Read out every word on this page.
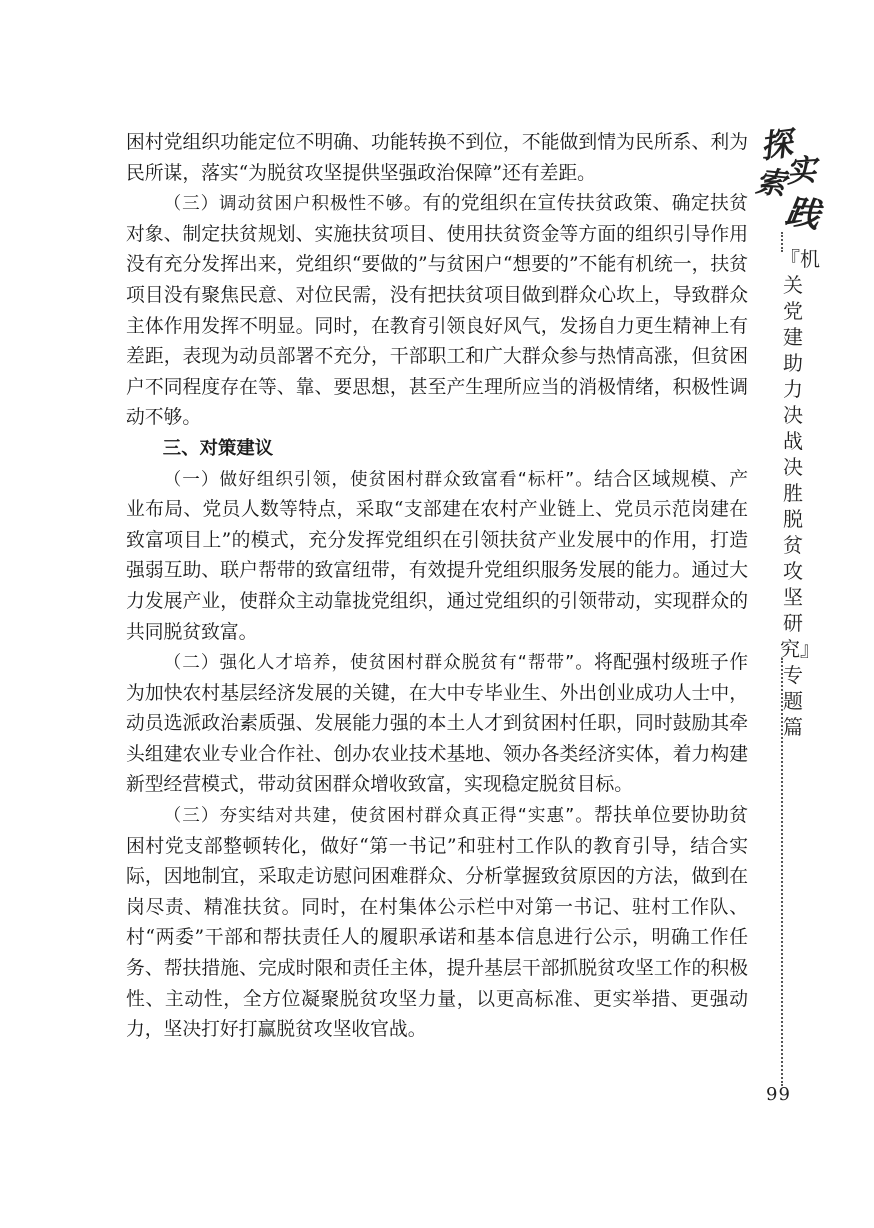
困村党组织功能定位不明确、功能转换不到位，不能做到情为民所系、利为民所谋，落实“为脱贫攻坚提供坚强政治保障”还有差距。

（三）调动贫困户积极性不够。有的党组织在宣传扶贫政策、确定扶贫对象、制定扶贫规划、实施扶贫项目、使用扶贫资金等方面的组织引导作用没有充分发挥出来，党组织“要做的”与贫困户“想要的”不能有机统一，扶贫项目没有聚焦民意、对位民需，没有把扶贫项目做到群众心坎上，导致群众主体作用发挥不明显。同时，在教育引领良好风气，发扬自力更生精神上有差距，表现为动员部署不充分，干部职工和广大群众参与热情高涨，但贫困户不同程度存在等、靠、要思想，甚至产生理所应当的消极情绪，积极性调动不够。

三、对策建议

（一）做好组织引领，使贫困村群众致富看“标杆”。结合区域规模、产业布局、党员人数等特点，采取“支部建在农村产业链上、党员示范岗建在致富项目上”的模式，充分发挥党组织在引领扶贫产业发展中的作用，打造强弱互助、联户帮带的致富纽带，有效提升党组织服务发展的能力。通过大力发展产业，使群众主动靠拢党组织，通过党组织的引领带动，实现群众的共同脱贫致富。

（二）强化人才培养，使贫困村群众脱贫有“帮带”。将配强村级班子作为加快农村基层经济发展的关键，在大中专毕业生、外出创业成功人士中，动员选派政治素质强、发展能力强的本土人才到贫困村任职，同时鼓励其牵头组建农业专业合作社、创办农业技术基地、领办各类经济实体，着力构建新型经营模式，带动贫困群众增收致富，实现稳定脱贫目标。

（三）夯实结对共建，使贫困村群众真正得“实惠”。帮扶单位要协助贫困村党支部整顿转化，做好“第一书记”和驻村工作队的教育引导，结合实际，因地制宜，采取走访慰问困难群众、分析掌握致贫原因的方法，做到在岗尽责、精准扶贫。同时，在村集体公示栏中对第一书记、驻村工作队、村“两委”干部和帮扶责任人的履职承诺和基本信息进行公示，明确工作任务、帮扶措施、完成时限和责任主体，提升基层干部抓脱贫攻坚工作的积极性、主动性，全方位凝聚脱贫攻坚力量，以更高标准、更实举措、更强动力，坚决打好打赢脱贫攻坚收官战。

探
索
实
践
『机关党建助力决战决胜脱贫攻坚研究』专题篇
99
